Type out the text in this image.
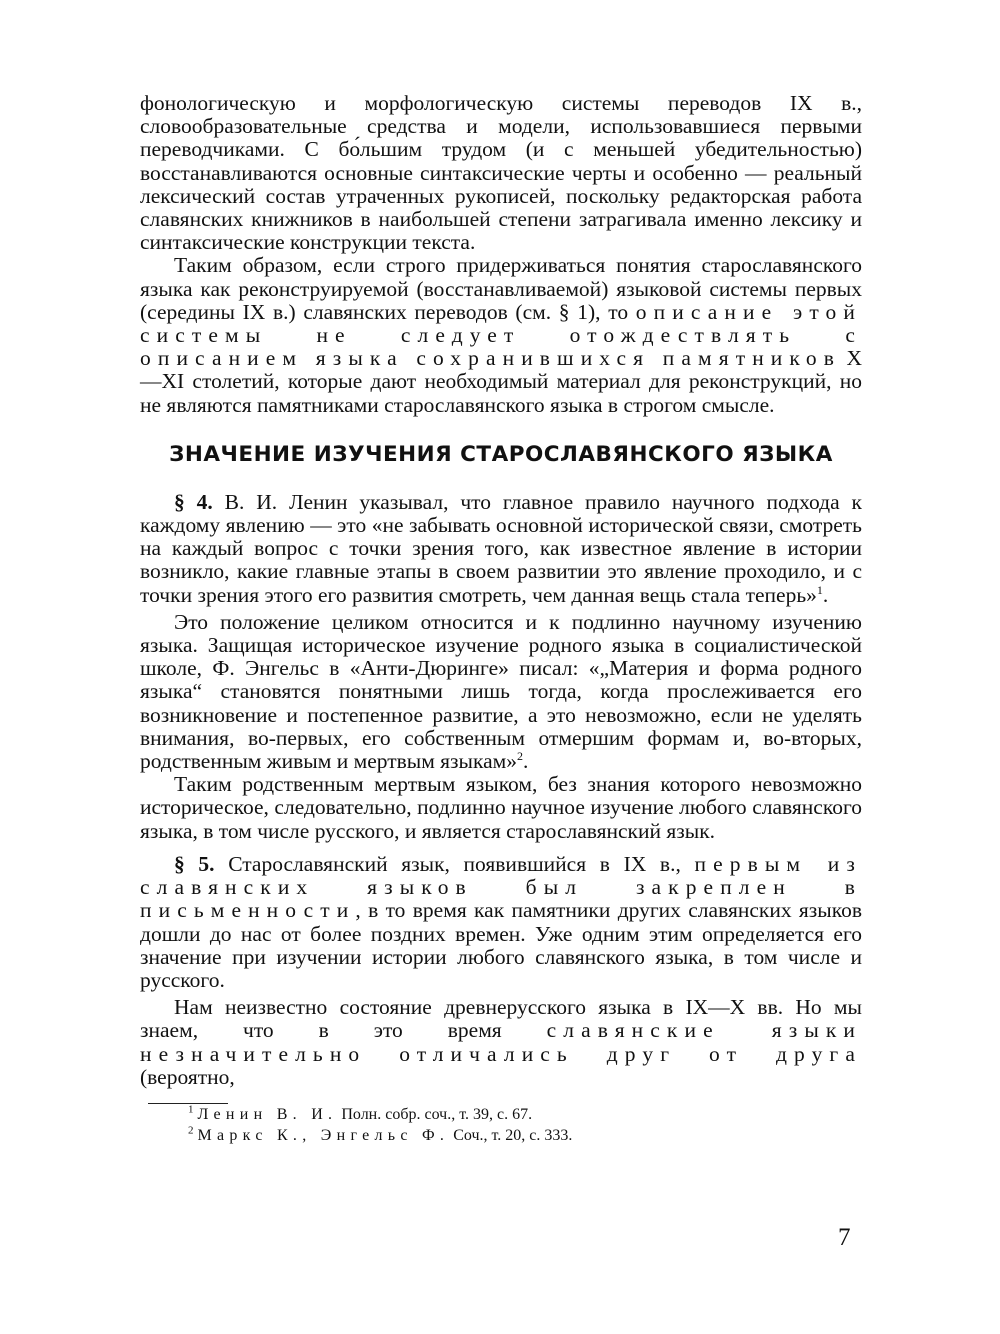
фонологическую и морфологическую системы переводов IX в., словообразовательные средства и модели, использовавшиеся первыми переводчиками. С бо́льшим трудом (и с меньшей убедительностью) восстанавливаются основные синтаксические черты и особенно — реальный лексический состав утраченных рукописей, поскольку редакторская работа славянских книжников в наибольшей степени затрагивала именно лексику и синтаксические конструкции текста.

Таким образом, если строго придерживаться понятия старославянского языка как реконструируемой (восстанавливаемой) языковой системы первых (середины IX в.) славянских переводов (см. § 1), то описание этой системы не следует отождествлять с описанием языка сохранившихся памятников X—XI столетий, которые дают необходимый материал для реконструкций, но не являются памятниками старославянского языка в строгом смысле.

ЗНАЧЕНИЕ ИЗУЧЕНИЯ СТАРОСЛАВЯНСКОГО ЯЗЫКА

§ 4. В. И. Ленин указывал, что главное правило научного подхода к каждому явлению — это «не забывать основной исторической связи, смотреть на каждый вопрос с точки зрения того, как известное явление в истории возникло, какие главные этапы в своем развитии это явление проходило, и с точки зрения этого его развития смотреть, чем данная вещь стала теперь»$^1$.

Это положение целиком относится и к подлинно научному изучению языка. Защищая историческое изучение родного языка в социалистической школе, Ф. Энгельс в «Анти-Дюринге» писал: «„Материя и форма родного языка“ становятся понятными лишь тогда, когда прослеживается его возникновение и постепенное развитие, а это невозможно, если не уделять внимания, во-первых, его собственным отмершим формам и, во-вторых, родственным живым и мертвым языкам»$^2$.

Таким родственным мертвым языком, без знания которого невозможно историческое, следовательно, подлинно научное изучение любого славянского языка, в том числе русского, и является старославянский язык.

§ 5. Старославянский язык, появившийся в IX в., первым из славянских языков был закреплен в письменности, в то время как памятники других славянских языков дошли до нас от более поздних времен. Уже одним этим определяется его значение при изучении истории любого славянского языка, в том числе и русского.

Нам неизвестно состояние древнерусского языка в IX—X вв. Но мы знаем, что в это время славянские языки незначительно отличались друг от друга (вероятно,

$^1$ Ленин В. И. Полн. собр. соч., т. 39, с. 67.

$^2$ Маркс К., Энгельс Ф. Соч., т. 20, с. 333.

7
